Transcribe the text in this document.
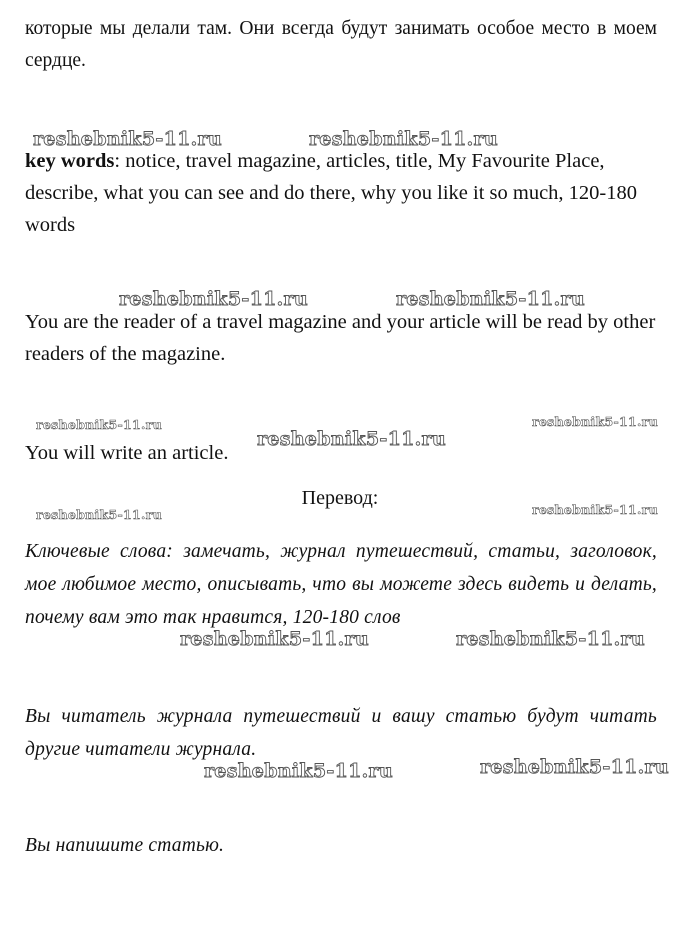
которые мы делали там. Они всегда будут занимать особое место в моем сердце.

reshebnik5-11.ru	reshebnik5-11.ru

key words: notice, travel magazine, articles, title, My Favourite Place, describe, what you can see and do there, why you like it so much, 120-180 words

reshebnik5-11.ru	reshebnik5-11.ru

You are the reader of a travel magazine and your article will be read by other readers of the magazine.

reshebnik5-11.ru
reshebnik5-11.ru
reshebnik5-11.ru

You will write an article.

Перевод:
reshebnik5-11.ru	reshebnik5-11.ru

Ключевые слова: замечать, журнал путешествий, статьи, заголовок, мое любимое место, описывать, что вы можете здесь видеть и делать, почему вам это так нравится, 120-180 слов

reshebnik5-11.ru	reshebnik5-11.ru

Вы читатель журнала путешествий и вашу статью будут читать другие читатели журнала.

reshebnik5-11.ru	reshebnik5-11.ru

Вы напишите статью.
